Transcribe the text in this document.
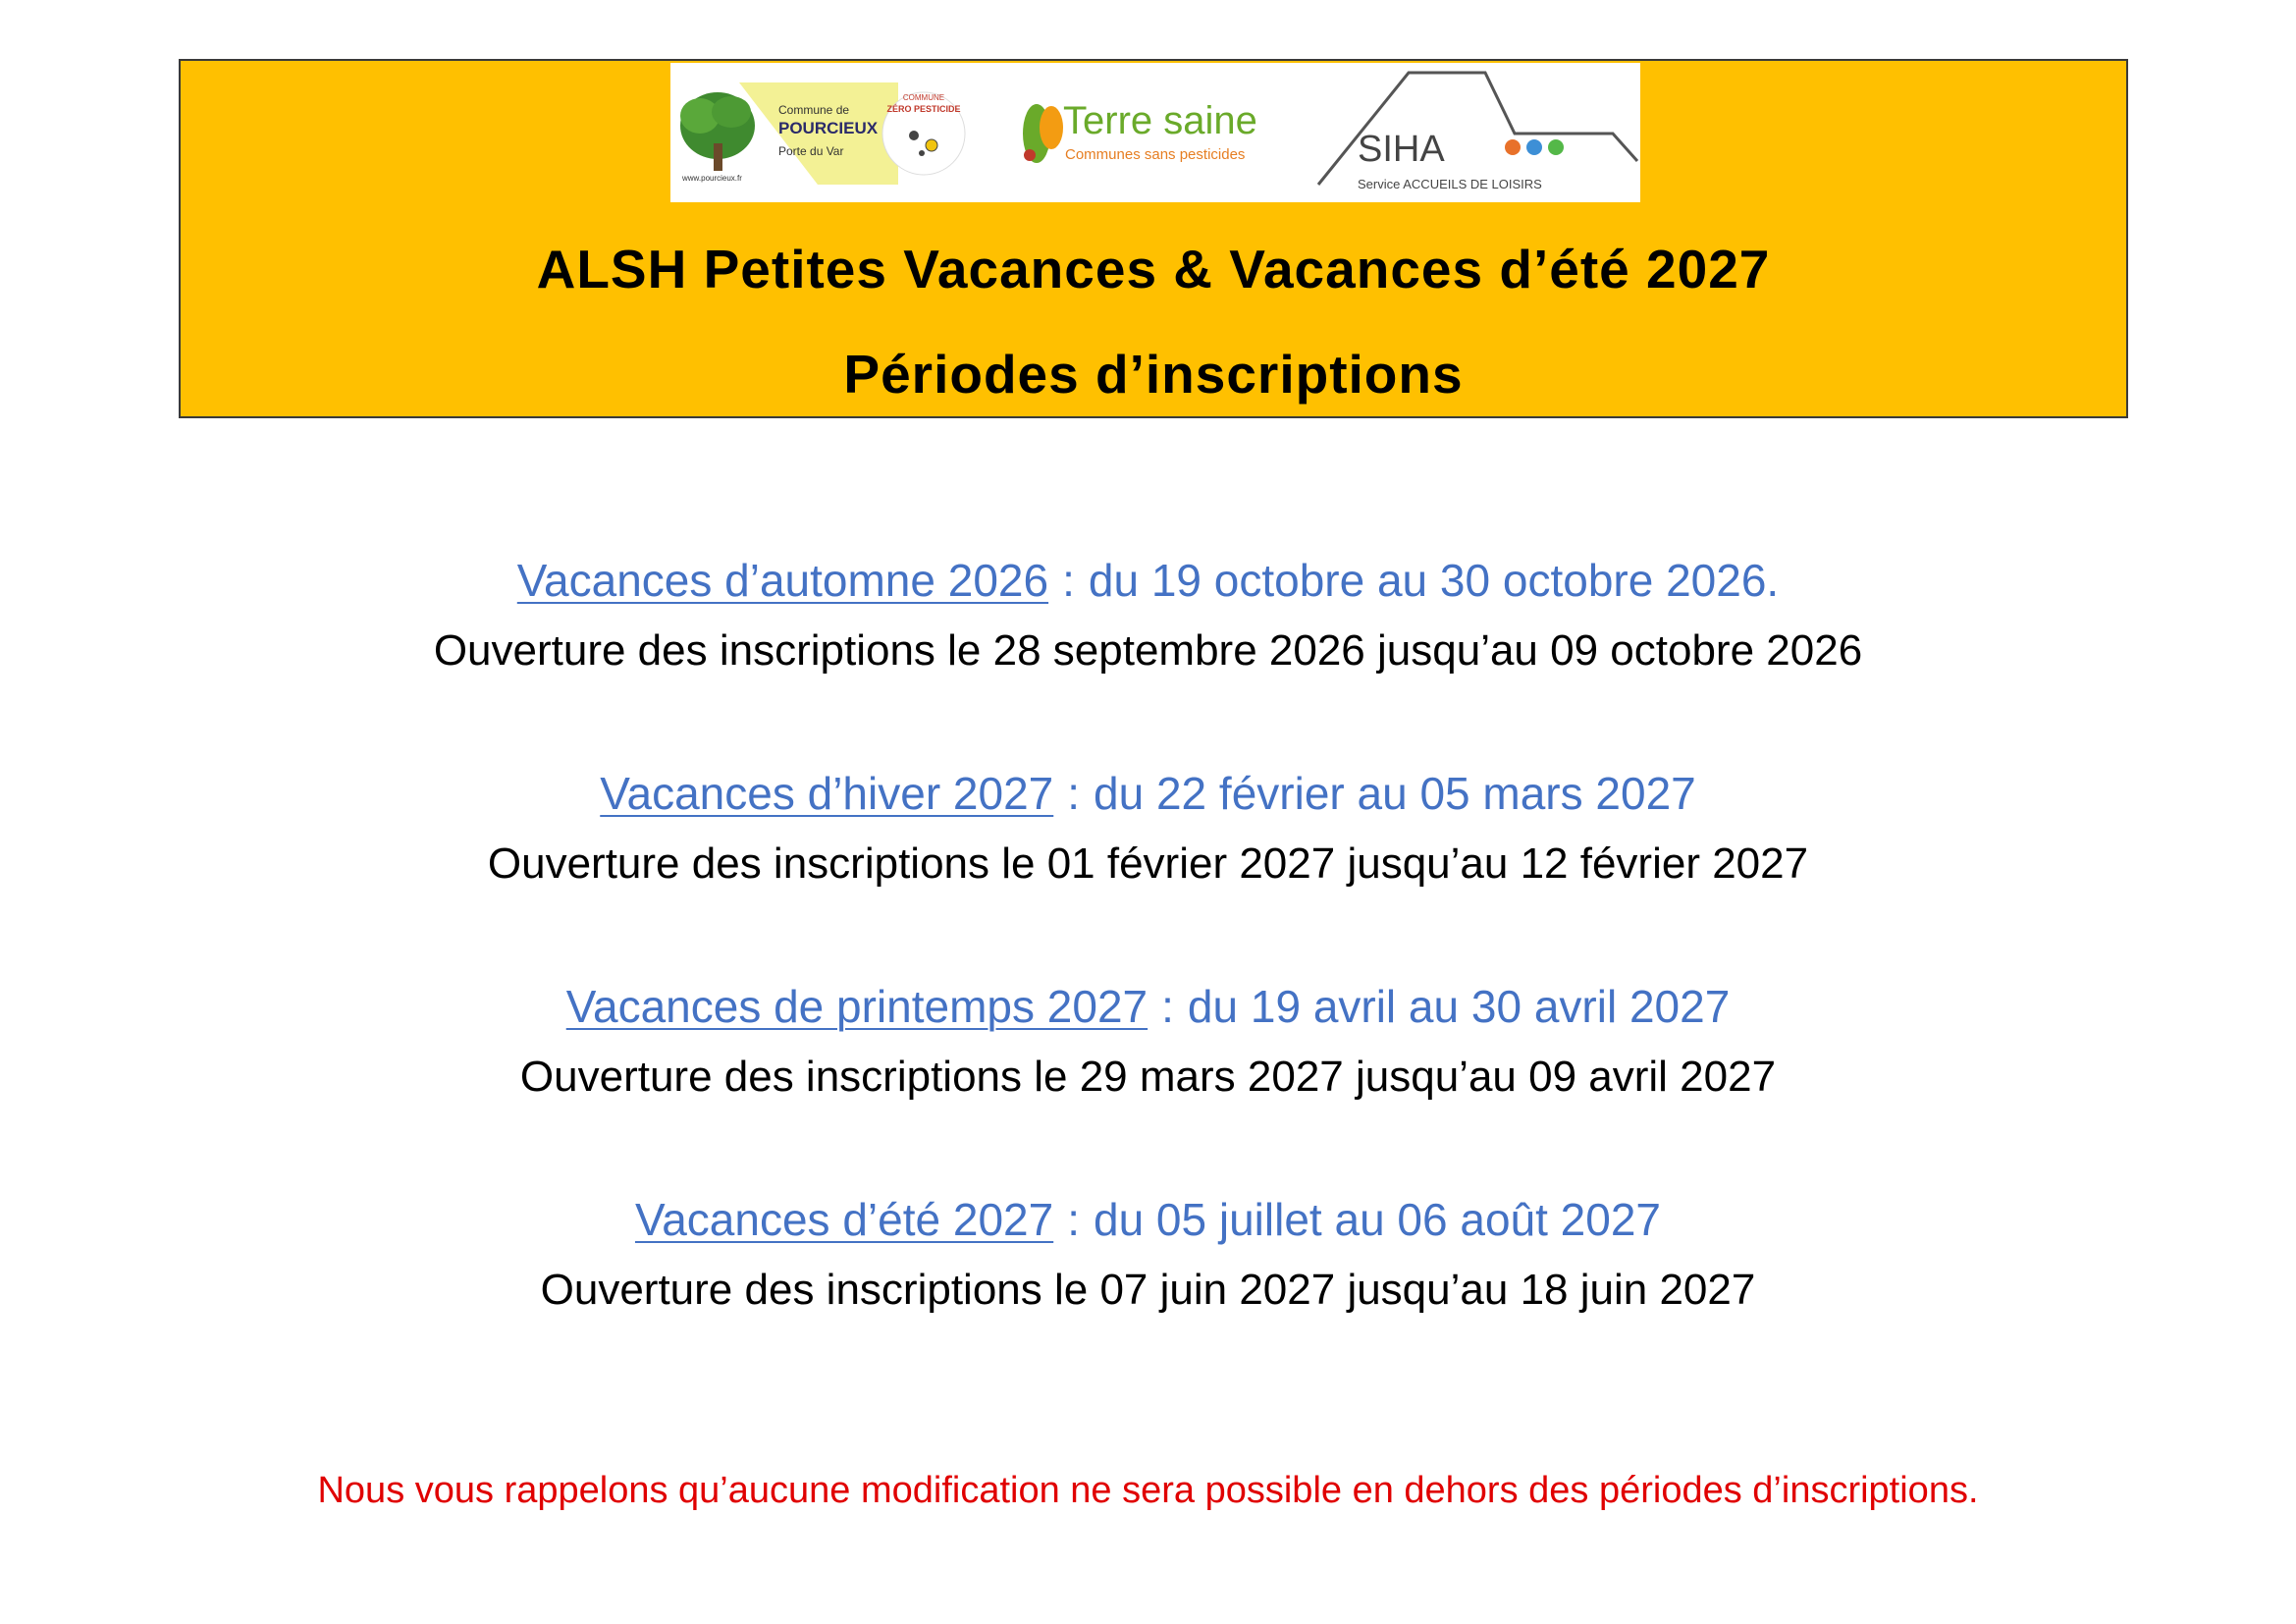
Commune de
POURCIEUX
Porte du Var
www.pourcieux.fr
COMMUNE
ZÉRO PESTICIDE	Terre saine
Communes sans pesticides	SIHA
Service ACCUEILS DE LOISIRS
ALSH Petites Vacances & Vacances d’été 2027
Périodes d’inscriptions
Vacances d’automne 2026 : du 19 octobre au 30 octobre 2026.
Ouverture des inscriptions le 28 septembre 2026 jusqu’au 09 octobre 2026
Vacances d’hiver 2027 : du 22 février au 05 mars 2027
Ouverture des inscriptions le 01 février 2027 jusqu’au 12 février 2027
Vacances de printemps 2027 : du 19 avril au 30 avril 2027
Ouverture des inscriptions le 29 mars 2027 jusqu’au 09 avril 2027
Vacances d’été 2027 : du 05 juillet au 06 août 2027
Ouverture des inscriptions le 07 juin 2027 jusqu’au 18 juin 2027
Nous vous rappelons qu’aucune modification ne sera possible en dehors des périodes d’inscriptions.
